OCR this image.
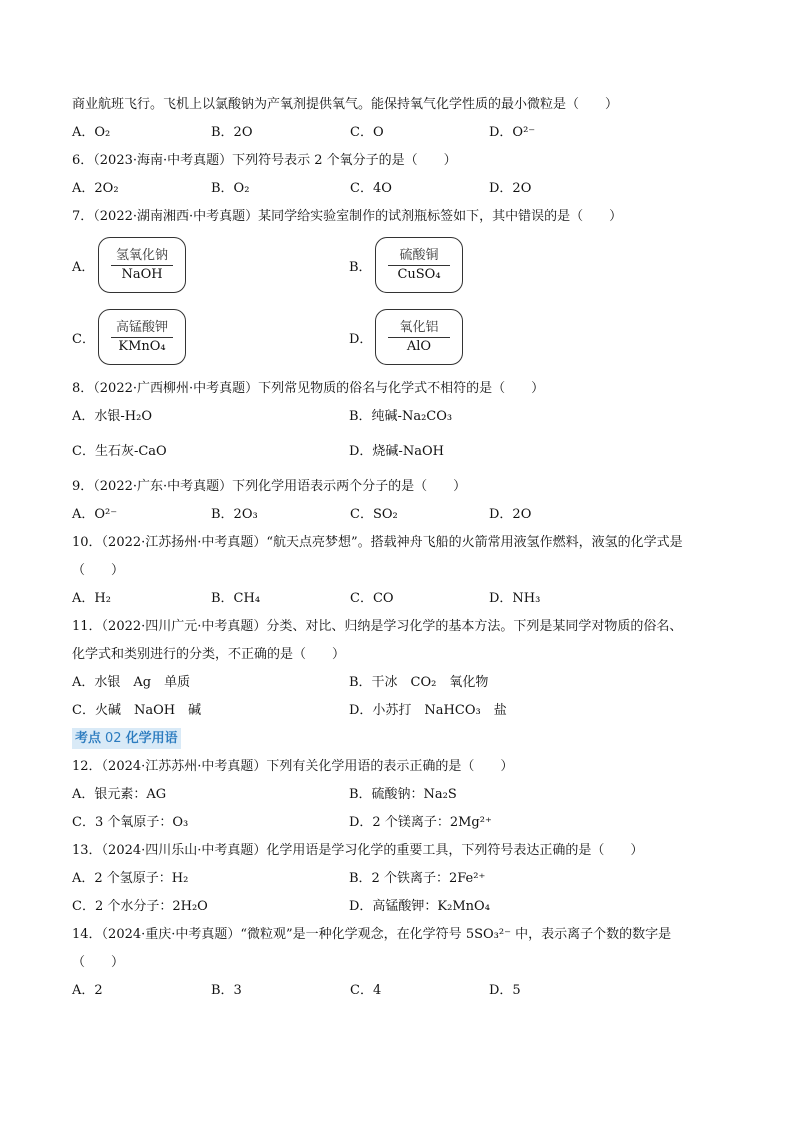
商业航班飞行。飞机上以氯酸钠为产氧剂提供氧气。能保持氧气化学性质的最小微粒是（　　）
A．O₂	B．2O	C．O	D．O²⁻
6．（2023·海南·中考真题）下列符号表示 2 个氧分子的是（　　）
A．2O₂	B．O₂	C．4O	D．2O
7．（2022·湖南湘西·中考真题）某同学给实验室制作的试剂瓶标签如下，其中错误的是（　　）
A．
氢氧化钠
NaOH	B．
硫酸铜
CuSO₄
C．
高锰酸钾
KMnO₄	D．
氧化铝
AlO
8．（2022·广西柳州·中考真题）下列常见物质的俗名与化学式不相符的是（　　）
A．水银-H₂O	B．纯碱-Na₂CO₃
C．生石灰-CaO	D．烧碱-NaOH
9．（2022·广东·中考真题）下列化学用语表示两个分子的是（　　）
A．O²⁻	B．2O₃	C．SO₂	D．2O
10．（2022·江苏扬州·中考真题）“航天点亮梦想”。搭载神舟飞船的火箭常用液氢作燃料，液氢的化学式是
（　　）
A．H₂	B．CH₄	C．CO	D．NH₃
11．（2022·四川广元·中考真题）分类、对比、归纳是学习化学的基本方法。下列是某同学对物质的俗名、
化学式和类别进行的分类，不正确的是（　　）
A．水银　Ag　单质	B．干冰　CO₂　氧化物
C．火碱　NaOH　碱	D．小苏打　NaHCO₃　盐
考点 02 化学用语
12．（2024·江苏苏州·中考真题）下列有关化学用语的表示正确的是（　　）
A．银元素：AG	B．硫酸钠：Na₂S
C．3 个氧原子：O₃	D．2 个镁离子：2Mg²⁺
13．（2024·四川乐山·中考真题）化学用语是学习化学的重要工具，下列符号表达正确的是（　　）
A．2 个氢原子：H₂	B．2 个铁离子：2Fe²⁺
C．2 个水分子：2H₂O	D．高锰酸钾：K₂MnO₄
14．（2024·重庆·中考真题）“微粒观”是一种化学观念，在化学符号 5SO₃²⁻ 中，表示离子个数的数字是
（　　）
A．2	B．3	C．4	D．5
